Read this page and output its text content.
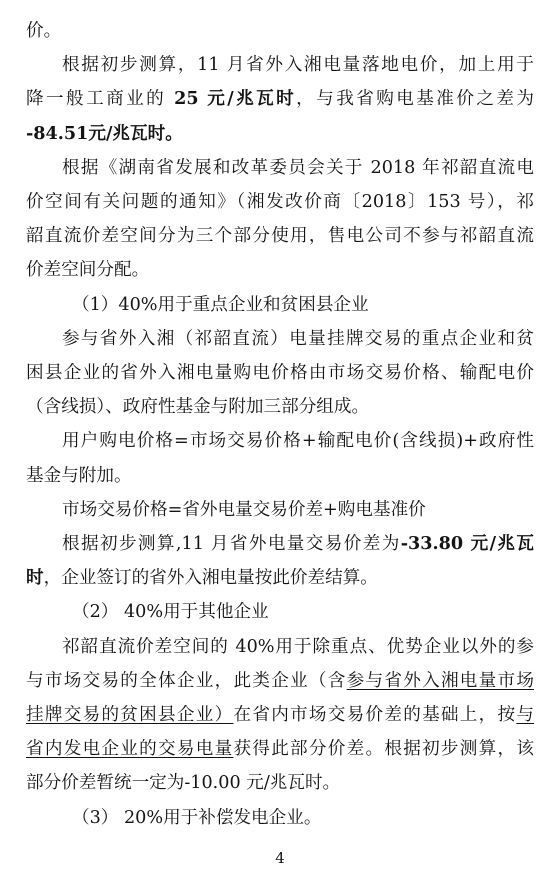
价。
根据初步测算，11 月省外入湘电量落地电价，加上用于
降一般工商业的 25 元/兆瓦时，与我省购电基准价之差为
-84.51元/兆瓦时。
根据《湖南省发展和改革委员会关于 2018 年祁韶直流电
价空间有关问题的通知》（湘发改价商〔2018〕153 号），祁
韶直流价差空间分为三个部分使用，售电公司不参与祁韶直流
价差空间分配。
（1）40%用于重点企业和贫困县企业
参与省外入湘（祁韶直流）电量挂牌交易的重点企业和贫
困县企业的省外入湘电量购电价格由市场交易价格、输配电价
（含线损）、政府性基金与附加三部分组成。
用户购电价格=市场交易价格+输配电价(含线损)+政府性
基金与附加。
市场交易价格=省外电量交易价差+购电基准价
根据初步测算,11 月省外电量交易价差为-33.80 元/兆瓦
时，企业签订的省外入湘电量按此价差结算。
（2） 40%用于其他企业
祁韶直流价差空间的 40%用于除重点、优势企业以外的参
与市场交易的全体企业，此类企业（含参与省外入湘电量市场
挂牌交易的贫困县企业）在省内市场交易价差的基础上，按与
省内发电企业的交易电量获得此部分价差。根据初步测算，该
部分价差暂统一定为-10.00 元/兆瓦时。
（3） 20%用于补偿发电企业。
4
